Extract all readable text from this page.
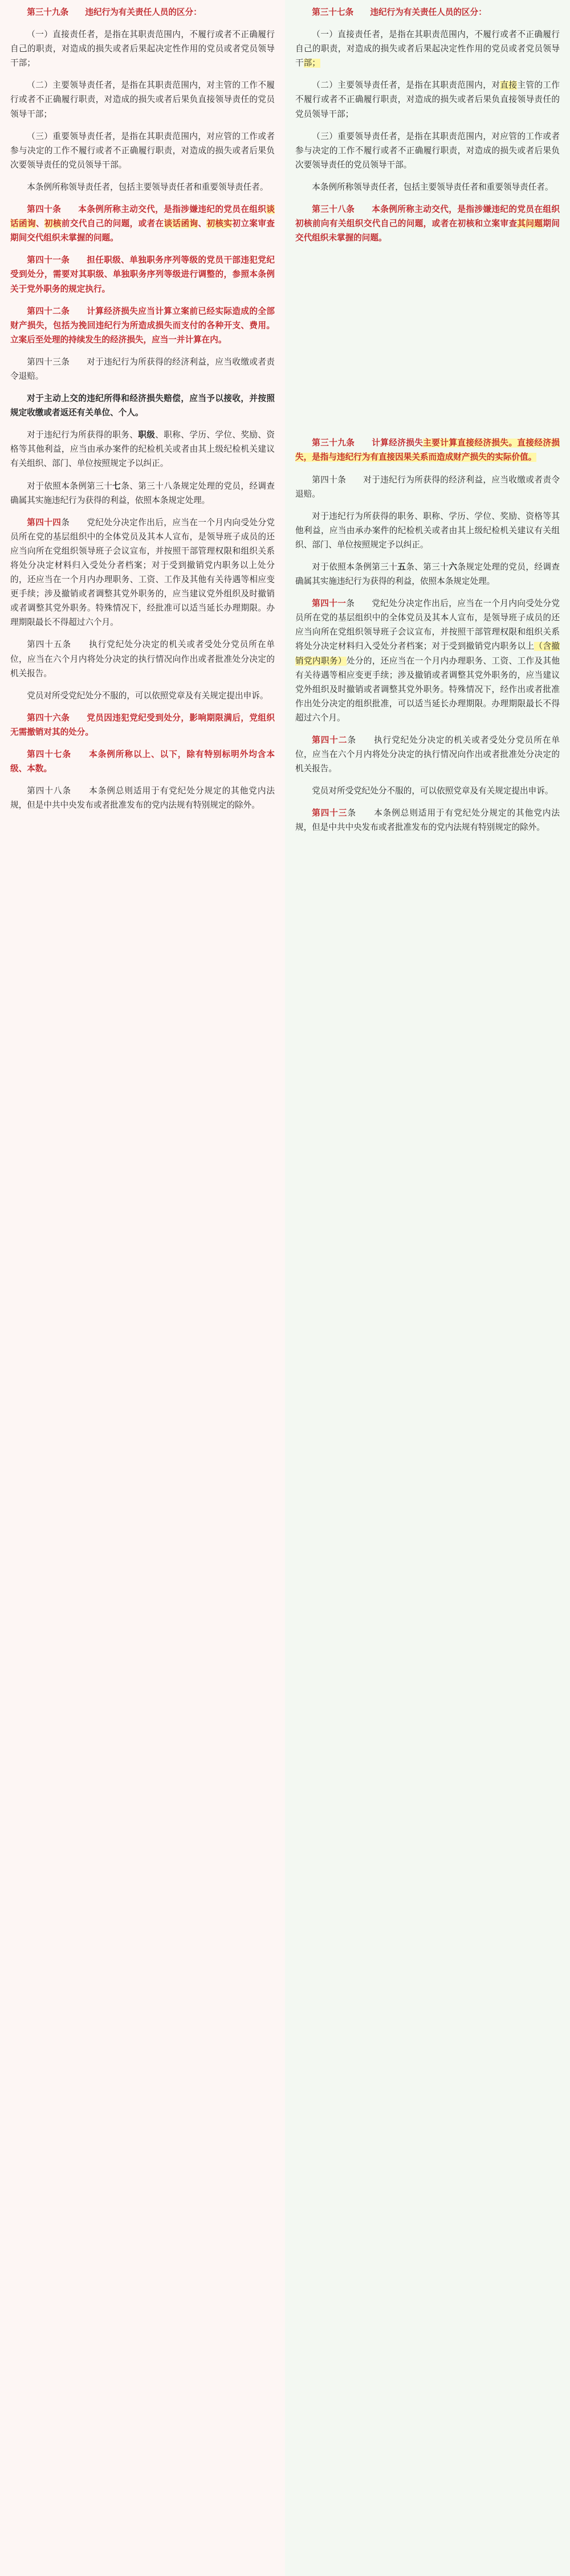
第三十九条　　违纪行为有关责任人员的区分：
（一）直接责任者，是指在其职责范围内，不履行或者不正确履行自己的职责，对造成的损失或者后果起决定性作用的党员或者党员领导干部；
（二）主要领导责任者，是指在其职责范围内，对主管的工作不履行或者不正确履行职责，对造成的损失或者后果负直接领导责任的党员领导干部；
（三）重要领导责任者，是指在其职责范围内，对应管的工作或者参与决定的工作不履行或者不正确履行职责，对造成的损失或者后果负次要领导责任的党员领导干部。
本条例所称领导责任者，包括主要领导责任者和重要领导责任者。
第四十条　　本条例所称主动交代，是指涉嫌违纪的党员在组织谈话函询、初核前交代自己的问题，或者在谈话函询、初核实初立案审查期间交代组织未掌握的问题。
第四十一条　　担任职级、单独职务序列等级的党员干部违犯党纪受到处分，需要对其职级、单独职务序列等级进行调整的，参照本条例关于党外职务的规定执行。
第四十二条　　计算经济损失应当计算立案前已经实际造成的全部财产损失，包括为挽回违纪行为所造成损失而支付的各种开支、费用。立案后至处理的持续发生的经济损失，应当一并计算在内。
第四十三条　　对于违纪行为所获得的经济利益，应当收缴或者责令退赔。
对于主动上交的违纪所得和经济损失赔偿，应当予以接收，并按照规定收缴或者返还有关单位、个人。
对于违纪行为所获得的职务、职级、职称、学历、学位、奖励、资格等其他利益，应当由承办案件的纪检机关或者由其上级纪检机关建议有关组织、部门、单位按照规定予以纠正。
对于依照本条例第三十七条、第三十八条规定处理的党员，经调查确属其实施违纪行为获得的利益，依照本条规定处理。
第四十四条　　党纪处分决定作出后，应当在一个月内向受处分党员所在党的基层组织中的全体党员及其本人宣布，是领导班子成员的还应当向所在党组织领导班子会议宣布，并按照干部管理权限和组织关系将处分决定材料归入受处分者档案；对于受到撤销党内职务以上处分的，还应当在一个月内办理职务、工资、工作及其他有关待遇等相应变更手续；涉及撤销或者调整其党外职务的，应当建议党外组织及时撤销或者调整其党外职务。特殊情况下，经批准可以适当延长办理期限。办理期限最长不得超过六个月。
第四十五条　　执行党纪处分决定的机关或者受处分党员所在单位，应当在六个月内将处分决定的执行情况向作出或者批准处分决定的机关报告。
党员对所受党纪处分不服的，可以依照党章及有关规定提出申诉。
第四十六条　　党员因违犯党纪受到处分，影响期限满后，党组织无需撤销对其的处分。
第四十七条　　本条例所称以上、以下，除有特别标明外均含本级、本数。
第四十八条　　本条例总则适用于有党纪处分规定的其他党内法规，但是中共中央发布或者批准发布的党内法规有特别规定的除外。
第三十七条　　违纪行为有关责任人员的区分：
（一）直接责任者，是指在其职责范围内，不履行或者不正确履行自己的职责，对造成的损失或者后果起决定性作用的党员或者党员领导干部；
（二）主要领导责任者，是指在其职责范围内，对直接主管的工作不履行或者不正确履行职责，对造成的损失或者后果负直接领导责任的党员领导干部；
（三）重要领导责任者，是指在其职责范围内，对应管的工作或者参与决定的工作不履行或者不正确履行职责，对造成的损失或者后果负次要领导责任的党员领导干部。
本条例所称领导责任者，包括主要领导责任者和重要领导责任者。
第三十八条　　本条例所称主动交代，是指涉嫌违纪的党员在组织初核前向有关组织交代自己的问题，或者在初核和立案审查其问题期间交代组织未掌握的问题。
第三十九条　　计算经济损失主要计算直接经济损失。直接经济损失，是指与违纪行为有直接因果关系而造成财产损失的实际价值。
第四十条　　对于违纪行为所获得的经济利益，应当收缴或者责令退赔。
对于违纪行为所获得的职务、职称、学历、学位、奖励、资格等其他利益，应当由承办案件的纪检机关或者由其上级纪检机关建议有关组织、部门、单位按照规定予以纠正。
对于依照本条例第三十五条、第三十六条规定处理的党员，经调查确属其实施违纪行为获得的利益，依照本条规定处理。
第四十一条　　党纪处分决定作出后，应当在一个月内向受处分党员所在党的基层组织中的全体党员及其本人宣布，是领导班子成员的还应当向所在党组织领导班子会议宣布，并按照干部管理权限和组织关系将处分决定材料归入受处分者档案；对于受到撤销党内职务以上（含撤销党内职务）处分的，还应当在一个月内办理职务、工资、工作及其他有关待遇等相应变更手续；涉及撤销或者调整其党外职务的，应当建议党外组织及时撤销或者调整其党外职务。特殊情况下，经作出或者批准作出处分决定的组织批准，可以适当延长办理期限。办理期限最长不得超过六个月。
第四十二条　　执行党纪处分决定的机关或者受处分党员所在单位，应当在六个月内将处分决定的执行情况向作出或者批准处分决定的机关报告。
党员对所受党纪处分不服的，可以依照党章及有关规定提出申诉。
第四十三条　　本条例总则适用于有党纪处分规定的其他党内法规，但是中共中央发布或者批准发布的党内法规有特别规定的除外。
